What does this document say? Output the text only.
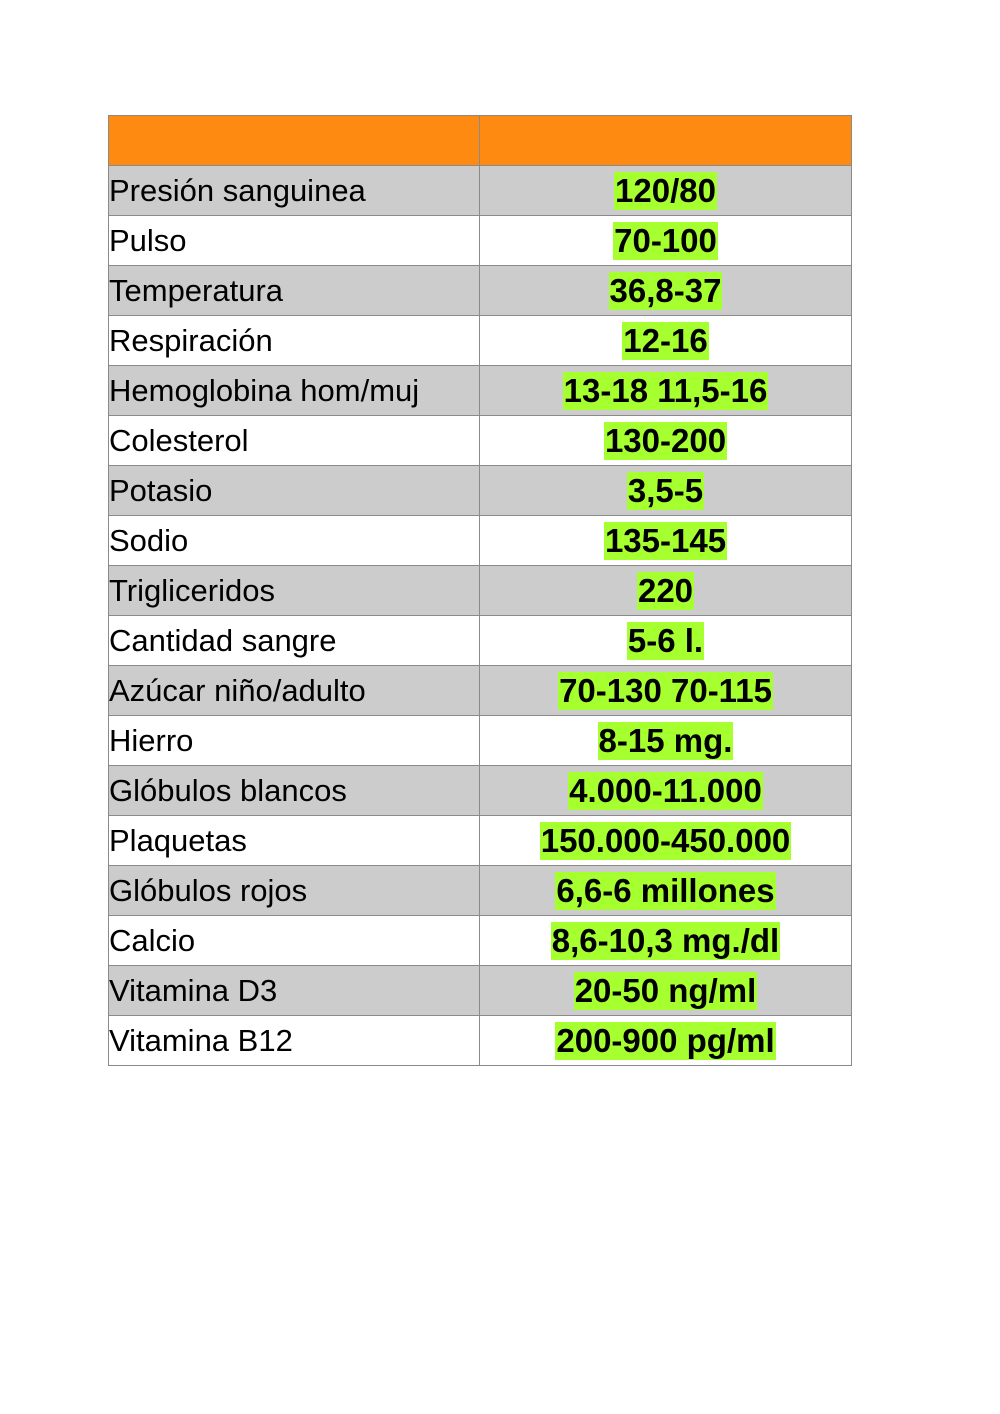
Presión sanguinea	120/80
Pulso	70-100
Temperatura	36,8-37
Respiración	12-16
Hemoglobina hom/muj	13-18 11,5-16
Colesterol	130-200
Potasio	3,5-5
Sodio	135-145
Trigliceridos	220
Cantidad sangre	5-6 l.
Azúcar niño/adulto	70-130 70-115
Hierro	8-15 mg.
Glóbulos blancos	4.000-11.000
Plaquetas	150.000-450.000
Glóbulos rojos	6,6-6 millones
Calcio	8,6-10,3 mg./dl
Vitamina D3	20-50 ng/ml
Vitamina B12	200-900 pg/ml
